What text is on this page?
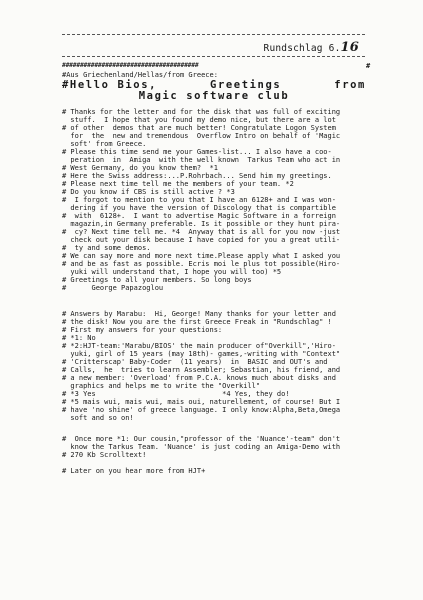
Rundschlag 6.16
######################################	#
#Aus Griechenland/Hellas/from Greece:
#Hello Bios,	Greetings	from
Magic software club
# Thanks for the letter and for the disk that was full of exciting
stuff.  I hope that you found my demo nice, but there are a lot
# of other  demos that are much better! Congratulate Logon System
for  the  new and tremendous  Overflow Intro on behalf of 'Magic
soft' from Greece.
# Please this time send me your Games-list... I also have a coo-
peration  in  Amiga  with the well known  Tarkus Team who act in
# West Germany, do you know them?  *1
# Here the Swiss address:...P.Rohrbach... Send him my greetings.
# Please next time tell me the members of your team. *2
# Do you know if CBS is still active ? *3
#  I forgot to mention to you that I have an 6128+ and I was won-
dering if you have the version of Discology that is compartible
#  with  6128+.  I want to advertise Magic Software in a forreign
magazin,in Germany preferable. Is it possible or they hunt pira-
#  cy? Next time tell me. *4  Anyway that is all for you now -just
check out your disk because I have copied for you a great utili-
#  ty and some demos.
# We can say more and more next time.Please apply what I asked you
# and be as fast as possible. Ecris moi le plus tot possible(Hiro-
yuki will understand that, I hope you will too) *5
# Greetings to all your members. So long boys
#      George Papazoglou
# Answers by Marabu:  Hi, George! Many thanks for your letter and
# the disk! Now you are the first Greece Freak in "Rundschlag" !
# First my answers for your questions:
# *1: No
# *2:HJT-team:'Marabu/BIOS' the main producer of"Overkill",'Hiro-
yuki, girl of 15 years (may 18th)- games,-writing with "Context"
# 'Critterscap' Baby-Coder  (11 years)  in  BASIC and OUT's and
# Calls,  he  tries to learn Assembler; Sebastian, his friend, and
# a new member: 'Overload' from P.C.A. knows much about disks and
graphics and helps me to write the "Overkill"
# *3 Yes                              *4 Yes, they do!
# *5 mais wui, mais wui, mais oui, naturellement, of course! But I
# have 'no shine' of greece language. I only know:Alpha,Beta,Omega
soft and so on!
#  Once more *1: Our cousin,"professor of the 'Nuance'-team" don't
know the Tarkus Team. 'Nuance' is just coding an Amiga-Demo with
# 270 Kb Scrolltext!
# Later on you hear more from HJT+
